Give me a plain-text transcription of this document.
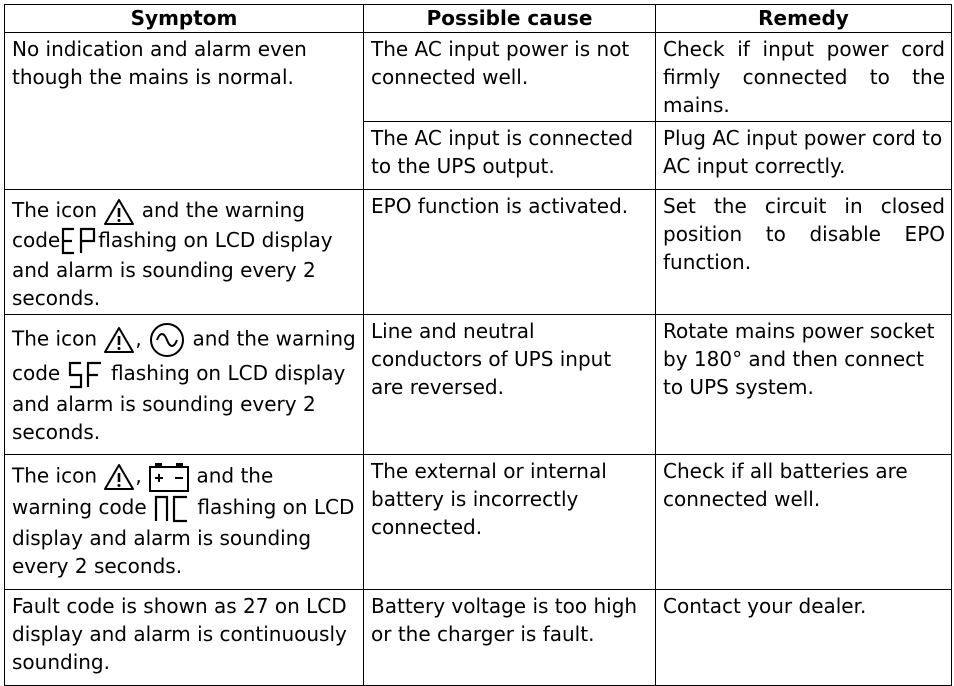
Symptom	Possible cause	Remedy
No indication and alarm even though the mains is normal.	The AC input power is not connected well.	Check if input power cord firmly connected to the mains.
	The AC input is connected to the UPS output.	Plug AC input power cord to AC input correctly.
The icon and the warning code flashing on LCD display and alarm is sounding every 2 seconds.	EPO function is activated.	Set the circuit in closed position to disable EPO function.
The icon , and the warning code flashing on LCD display and alarm is sounding every 2 seconds.	Line and neutral conductors of UPS input are reversed.	Rotate mains power socket by 180° and then connect to UPS system.
The icon , and the warning code flashing on LCD display and alarm is sounding every 2 seconds.	The external or internal battery is incorrectly connected.	Check if all batteries are connected well.
Fault code is shown as 27 on LCD display and alarm is continuously sounding.	Battery voltage is too high or the charger is fault.	Contact your dealer.
